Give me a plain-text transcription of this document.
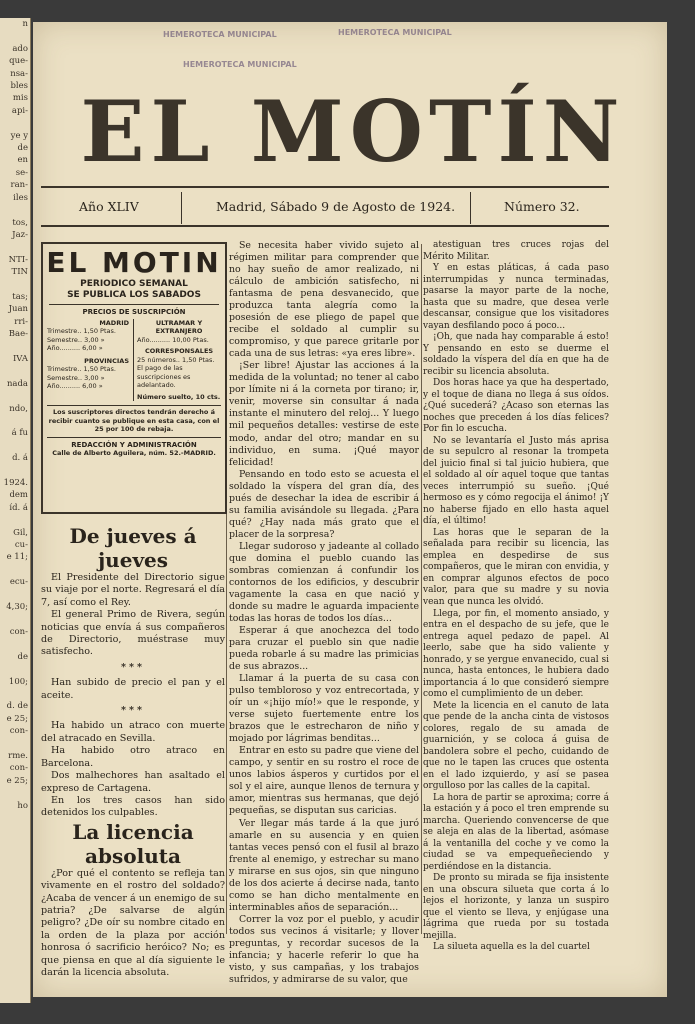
n

ado
que-
nsa-
bles
mis
api-

ye y
de
en
se-
ran-
iles

tos,
Jaz-

NTI-
TIN

tas;
Juan
rri-
Bae-

IVA

nada

ndo,

á fu

d. á

1924.
dem
íd. á

Gil,
cu-
e 11;

ecu-

4,30;

con-

de

100;

d. de
e 25;
con-

rme.
con-
e 25;

ho

HEMEROTECA MUNICIPAL
HEMEROTECA MUNICIPAL
HEMEROTECA MUNICIPAL
EL MOTÍN
Año XLIV	Madrid, Sábado 9 de Agosto de 1924.	Número 32.
EL MOTIN
PERIODICO SEMANAL
SE PUBLICA LOS SABADOS
PRECIOS DE SUSCRIPCIÓN
MADRID
Trimestre.. 1,50 Ptas.
Semestre.. 3,00 »
Año.......... 6,00 »
PROVINCIAS
Trimestre.. 1,50 Ptas.
Semestre.. 3,00 »
Año.......... 6,00 »
ULTRAMAR Y EXTRANJERO
Año.......... 10,00 Ptas.
CORRESPONSALES
25 números.. 1,50 Ptas.
El pago de las suscripciones es adelantado.
Número suelto, 10 cts.
Los suscriptores directos tendrán derecho á recibir cuanto se publique en esta casa, con el 25 por 100 de rebaja.
REDACCIÓN Y ADMINISTRACIÓN
Calle de Alberto Aguilera, núm. 52.-MADRID.

De jueves á jueves

El Presidente del Directorio sigue su viaje por el norte. Regresará el día 7, así como el Rey.

El general Primo de Rivera, según noticias que envía á sus compañeros de Directorio, muéstrase muy satisfecho.

***

Han subido de precio el pan y el aceite.

***

Ha habido un atraco con muerte del atracado en Sevilla.

Ha habido otro atraco en Barcelona.

Dos malhechores han asaltado el expreso de Cartagena.

En los tres casos han sido detenidos los culpables.

La licencia absoluta

¿Por qué el contento se refleja tan vivamente en el rostro del soldado? ¿Acaba de vencer á un enemigo de su patria? ¿De salvarse de algún peligro? ¿De oír su nombre citado en la orden de la plaza por acción honrosa ó sacrificio heróico? No; es que piensa en que al día siguiente le darán la licencia absoluta.

Se necesita haber vivido sujeto al régimen militar para comprender que no hay sueño de amor realizado, ni cálculo de ambición satisfecho, ni fantasma de pena desvanecido, que produzca tanta alegría como la posesión de ese pliego de papel que recibe el soldado al cumplir su compromiso, y que parece gritarle por cada una de sus letras: «ya eres libre».

¡Ser libre! Ajustar las acciones á la medida de la voluntad; no tener al cabo por límite ni á la corneta por tirano; ir, venir, moverse sin consultar á nada instante el minutero del reloj... Y luego mil pequeños detalles: vestirse de este modo, andar del otro; mandar en su individuo, en suma. ¡Qué mayor felicidad!

Pensando en todo esto se acuesta el soldado la víspera del gran día, des pués de desechar la idea de escribir á su familia avisándole su llegada. ¿Para qué? ¿Hay nada más grato que el placer de la sorpresa?

Llegar sudoroso y jadeante al collado que domina el pueblo cuando las sombras comienzan á confundir los contornos de los edificios, y descubrir vagamente la casa en que nació y donde su madre le aguarda impaciente todas las horas de todos los días...

Esperar á que anochezca del todo para cruzar el pueblo sin que nadie pueda robarle á su madre las primicias de sus abrazos...

Llamar á la puerta de su casa con pulso tembloroso y voz entrecortada, y oír un «¡hijo mío!» que le responde, y verse sujeto fuertemente entre los brazos que le estrecharon de niño y mojado por lágrimas benditas...

Entrar en esto su padre que viene del campo, y sentir en su rostro el roce de unos labios ásperos y curtidos por el sol y el aire, aunque llenos de ternura y amor, mientras sus hermanas, que dejó pequeñas, se disputan sus caricias.

Ver llegar más tarde á la que juró amarle en su ausencia y en quien tantas veces pensó con el fusil al brazo frente al enemigo, y estrechar su mano y mirarse en sus ojos, sin que ninguno de los dos acierte á decirse nada, tanto como se han dicho mentalmente en interminables años de separación...

Correr la voz por el pueblo, y acudir todos sus vecinos á visitarle; y llover preguntas, y recordar sucesos de la infancia; y hacerle referir lo que ha visto, y sus campañas, y los trabajos sufridos, y admirarse de su valor, que

atestiguan tres cruces rojas del Mérito Militar.

Y en estas pláticas, á cada paso interrumpidas y nunca terminadas, pasarse la mayor parte de la noche, hasta que su madre, que desea verle descansar, consigue que los visitadores vayan desfilando poco á poco...

¡Oh, que nada hay comparable á esto! Y pensando en esto se duerme el soldado la víspera del día en que ha de recibir su licencia absoluta.

Dos horas hace ya que ha despertado, y el toque de diana no llega á sus oídos. ¿Qué sucederá? ¿Acaso son eternas las noches que preceden á los días felices? Por fin lo escucha.

No se levantaría el Justo más aprisa de su sepulcro al resonar la trompeta del juicio final si tal juicio hubiera, que el soldado al oír aquel toque que tantas veces interrumpió su sueño. ¡Qué hermoso es y cómo regocija el ánimo! ¡Y no haberse fijado en ello hasta aquel día, el último!

Las horas que le separan de la señalada para recibir su licencia, las emplea en despedirse de sus compañeros, que le miran con envidia, y en comprar algunos efectos de poco valor, para que su madre y su novia vean que nunca les olvidó.

Llega, por fin, el momento ansiado, y entra en el despacho de su jefe, que le entrega aquel pedazo de papel. Al leerlo, sabe que ha sido valiente y honrado, y se yergue envanecido, cual si nunca, hasta entonces, le hubiera dado importancia á lo que consideró siempre como el cumplimiento de un deber.

Mete la licencia en el canuto de lata que pende de la ancha cinta de vistosos colores, regalo de su amada de guarnición, y se coloca á guisa de bandolera sobre el pecho, cuidando de que no le tapen las cruces que ostenta en el lado izquierdo, y así se pasea orgulloso por las calles de la capital.

La hora de partir se aproxima; corre á la estación y á poco el tren emprende su marcha. Queriendo convencerse de que se aleja en alas de la libertad, asómase á la ventanilla del coche y ve como la ciudad se va empequeñeciendo y perdiéndose en la distancia.

De pronto su mirada se fija insistente en una obscura silueta que corta á lo lejos el horizonte, y lanza un suspiro que el viento se lleva, y enjúgase una lágrima que rueda por su tostada mejilla.

La silueta aquella es la del cuartel
